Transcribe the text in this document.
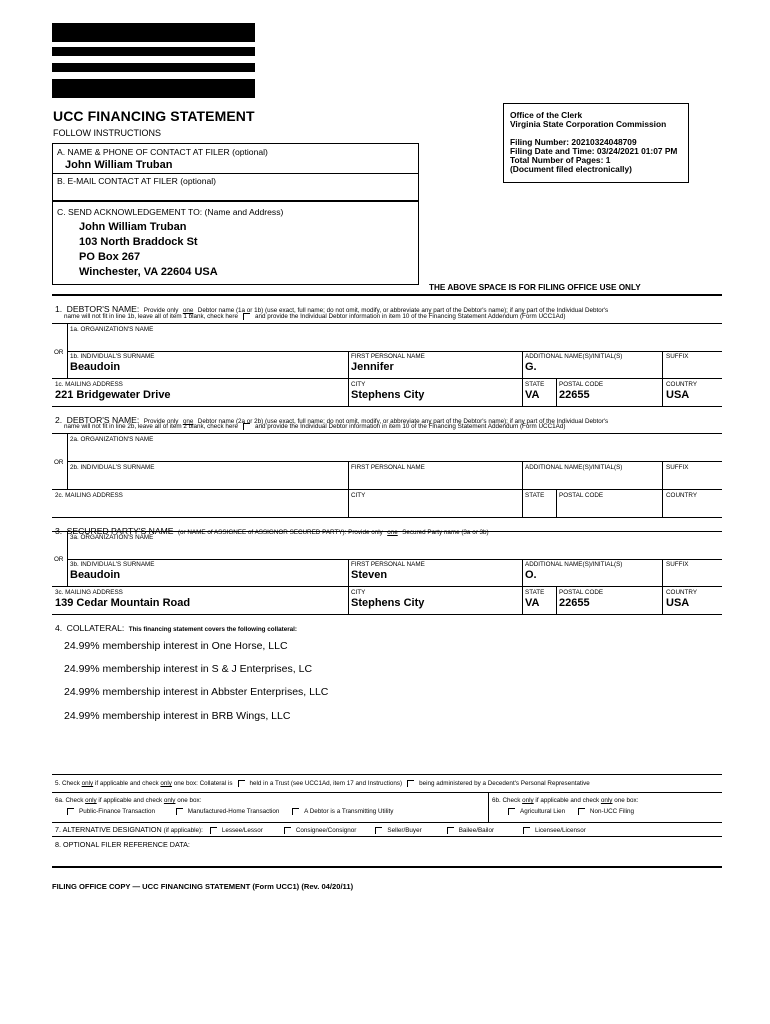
UCC FINANCING STATEMENT
FOLLOW INSTRUCTIONS
Office of the Clerk
Virginia State Corporation Commission
Filing Number: 20210324048709
Filing Date and Time: 03/24/2021 01:07 PM
Total Number of Pages: 1
(Document filed electronically)
A. NAME & PHONE OF CONTACT AT FILER (optional)
John William Truban
B. E-MAIL CONTACT AT FILER (optional)
C. SEND ACKNOWLEDGEMENT TO: (Name and Address)
John William Truban
103 North Braddock St
PO Box 267
Winchester, VA 22604 USA
THE ABOVE SPACE IS FOR FILING OFFICE USE ONLY
1. DEBTOR'S NAME: Provide only one Debtor name (1a or 1b) (use exact, full name; do not omit, modify, or abbreviate any part of the Debtor's name); if any part of the Individual Debtor's
name will not fit in line 1b, leave all of item 1 blank, check here	and provide the Individual Debtor information in item 10 of the Financing Statement Addendum (Form UCC1Ad)
1a. ORGANIZATION'S NAME
OR
1b. INDIVIDUAL'S SURNAME
Beaudoin
FIRST PERSONAL NAME
Jennifer
ADDITIONAL NAME(S)/INITIAL(S)
G.
SUFFIX
1c. MAILING ADDRESS
221 Bridgewater Drive
CITY
Stephens City
STATE
VA
POSTAL CODE
22655
COUNTRY
USA
2. DEBTOR'S NAME: Provide only one Debtor name (2a or 2b) (use exact, full name; do not omit, modify, or abbreviate any part of the Debtor's name); if any part of the Individual Debtor's
name will not fit in line 2b, leave all of item 2 blank, check here	and provide the Individual Debtor information in item 10 of the Financing Statement Addendum (Form UCC1Ad)
2a. ORGANIZATION'S NAME
OR
2b. INDIVIDUAL'S SURNAME	FIRST PERSONAL NAME	ADDITIONAL NAME(S)/INITIAL(S)	SUFFIX
2c. MAILING ADDRESS	CITY	STATE POSTAL CODE	COUNTRY
3. SECURED PARTY'S NAME (or NAME of ASSIGNEE of ASSIGNOR SECURED PARTY): Provide only one Secured Party name (3a or 3b)
3a. ORGANIZATION'S NAME
OR
3b. INDIVIDUAL'S SURNAME
Beaudoin
FIRST PERSONAL NAME
Steven
ADDITIONAL NAME(S)/INITIAL(S)
O.
SUFFIX
3c. MAILING ADDRESS
139 Cedar Mountain Road
CITY
Stephens City
STATE
VA
POSTAL CODE
22655
COUNTRY
USA
4. COLLATERAL: This financing statement covers the following collateral:
24.99% membership interest in One Horse, LLC
24.99% membership interest in S & J Enterprises, LC
24.99% membership interest in Abbster Enterprises, LLC
24.99% membership interest in BRB Wings, LLC
5. Check only if applicable and check only one box: Collateral is	held in a Trust (see UCC1Ad, item 17 and Instructions)	being administered by a Decedent's Personal Representative
6a. Check only if applicable and check only one box:
Public-Finance Transaction	Manufactured-Home Transaction	A Debtor is a Transmitting Utility
6b. Check only if applicable and check only one box:
Agricultural Lien	Non-UCC Filing
7. ALTERNATIVE DESIGNATION (if applicable):	Lessee/Lessor	Consignee/Consignor	Seller/Buyer	Bailee/Bailor	Licensee/Licensor
8. OPTIONAL FILER REFERENCE DATA:
FILING OFFICE COPY — UCC FINANCING STATEMENT (Form UCC1) (Rev. 04/20/11)
